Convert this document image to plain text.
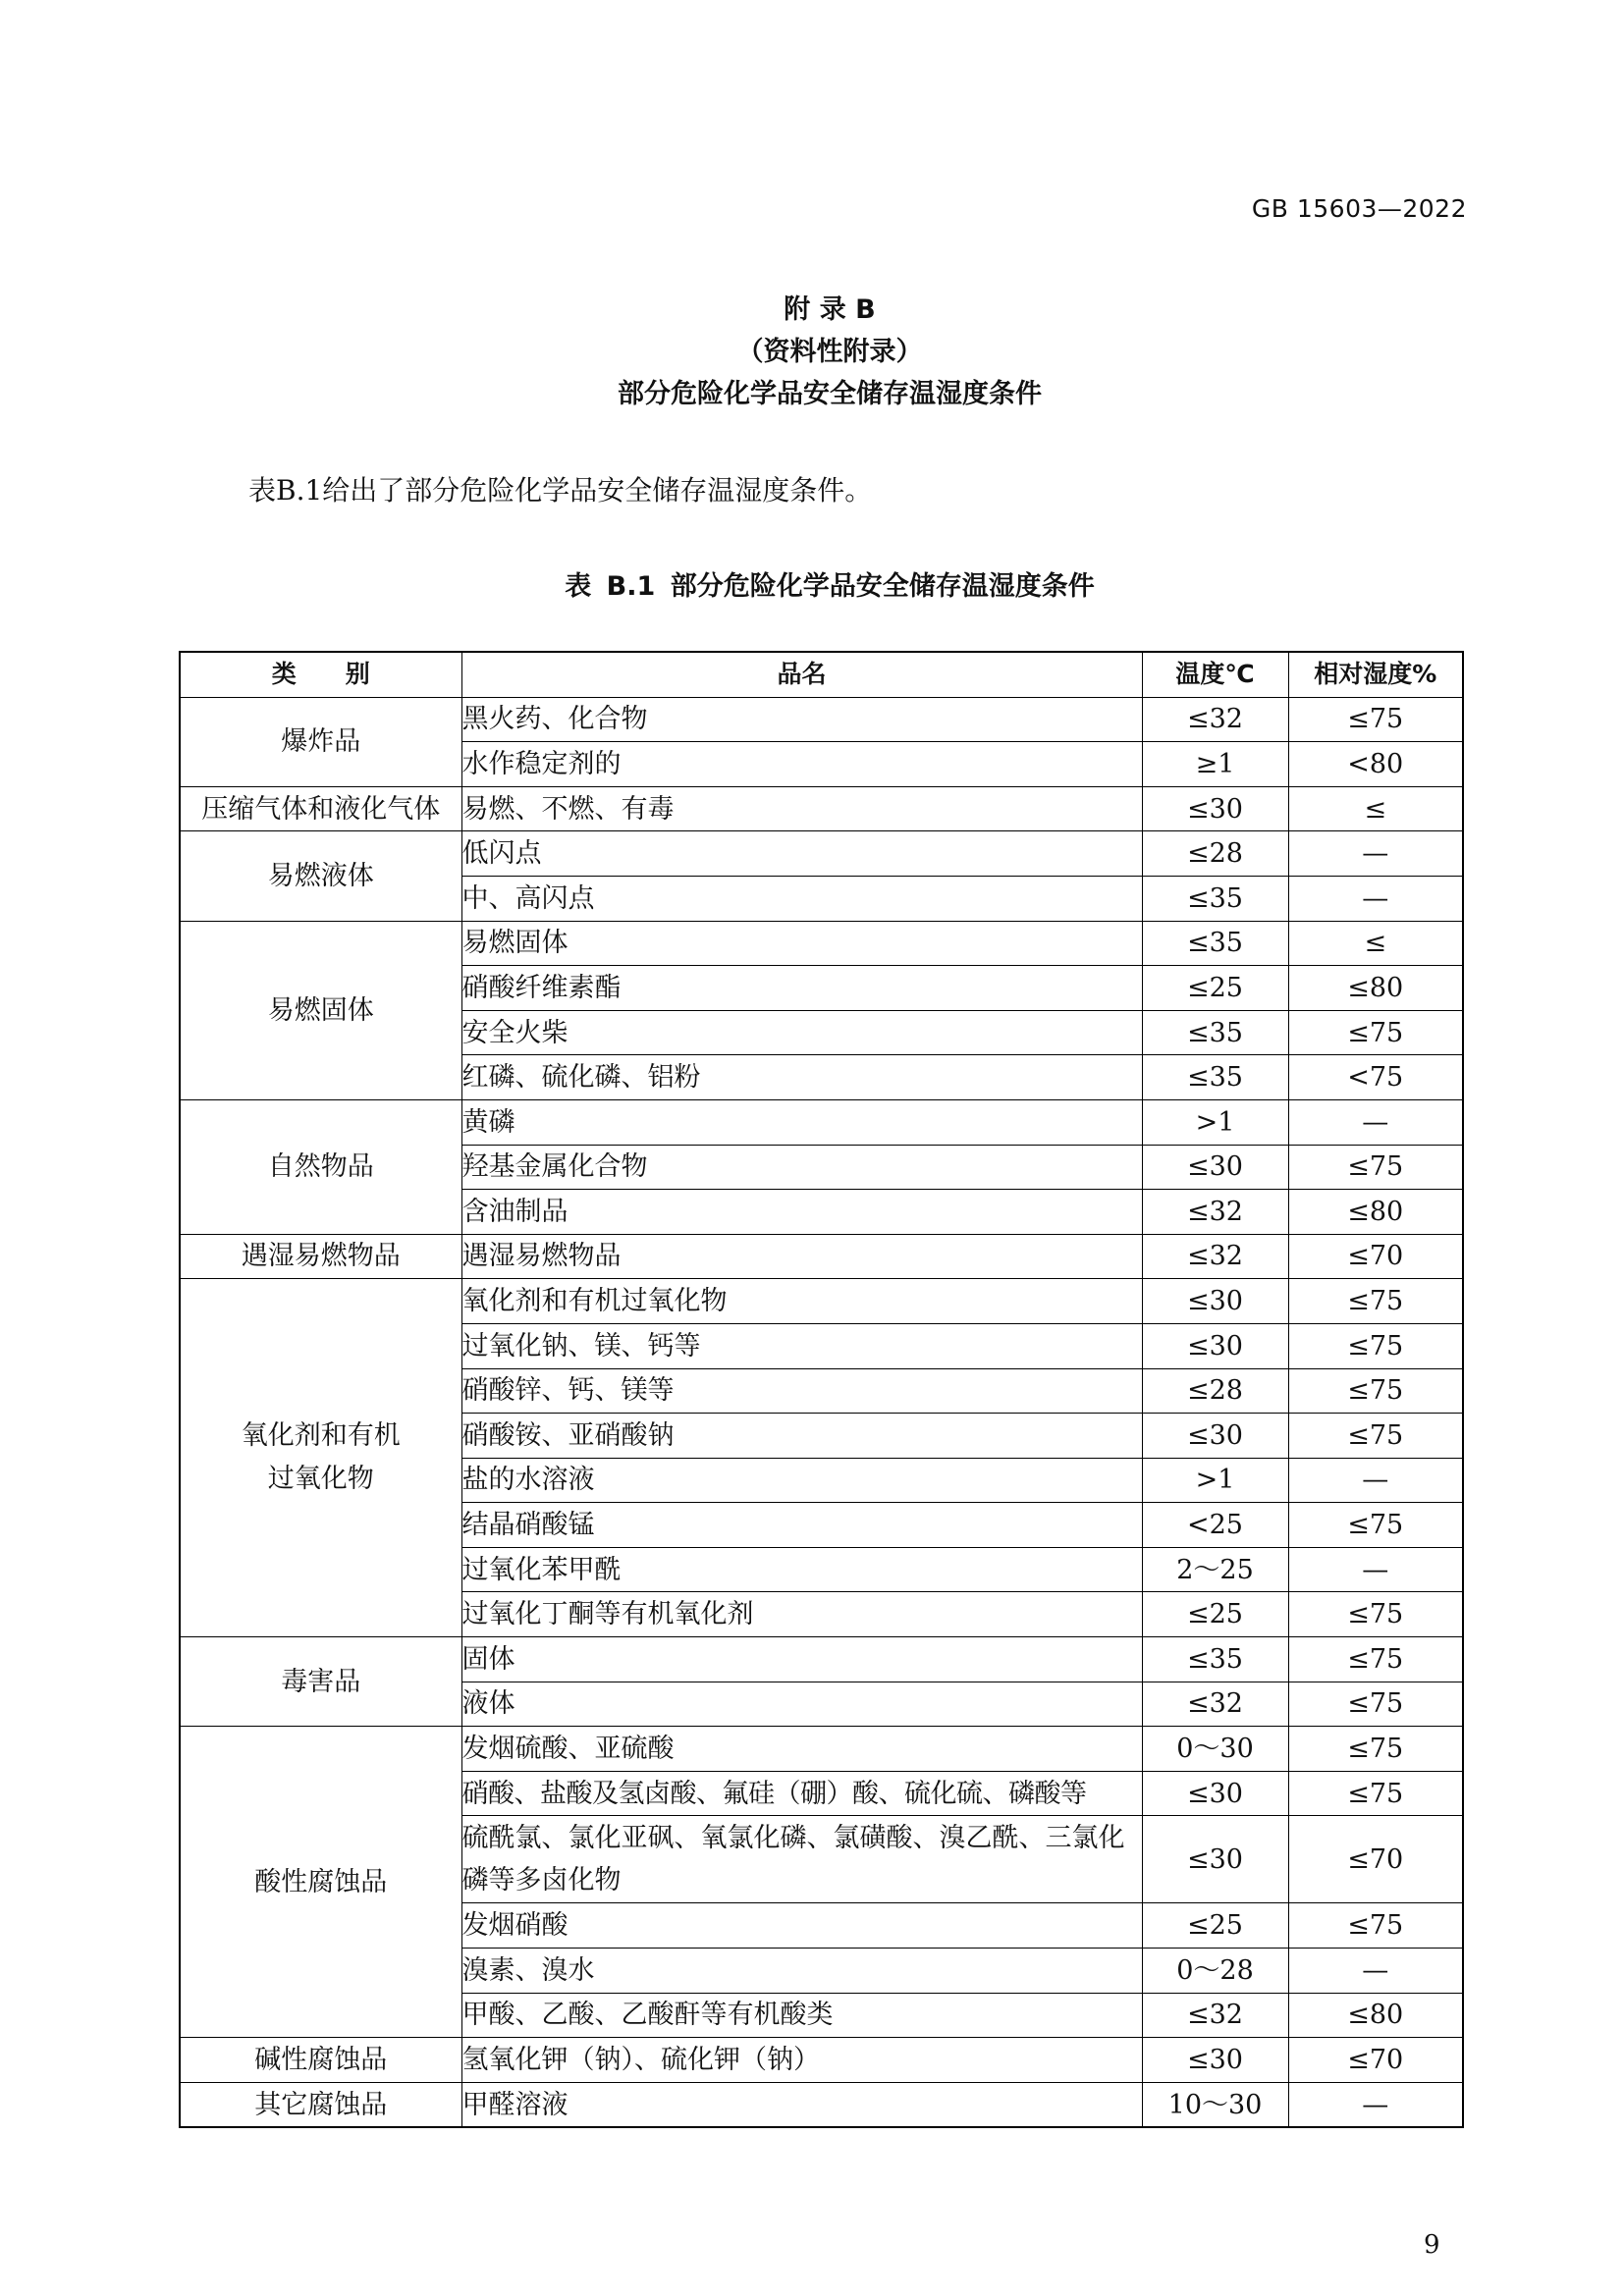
GB 15603—2022
附 录 B
（资料性附录）
部分危险化学品安全储存温湿度条件
表B.1给出了部分危险化学品安全储存温湿度条件。
表 B.1 部分危险化学品安全储存温湿度条件
类　　别	品名	温度℃	相对湿度%
爆炸品	黑火药、化合物	≤32	≤75
	水作稳定剂的	≥1	<80
压缩气体和液化气体	易燃、不燃、有毒	≤30	≤
易燃液体	低闪点	≤28	—
	中、高闪点	≤35	—
易燃固体	易燃固体	≤35	≤
	硝酸纤维素酯	≤25	≤80
	安全火柴	≤35	≤75
	红磷、硫化磷、铝粉	≤35	<75
自然物品	黄磷	>1	—
	羟基金属化合物	≤30	≤75
	含油制品	≤32	≤80
遇湿易燃物品	遇湿易燃物品	≤32	≤70
氧化剂和有机过氧化物	氧化剂和有机过氧化物	≤30	≤75
	过氧化钠、镁、钙等	≤30	≤75
	硝酸锌、钙、镁等	≤28	≤75
	硝酸铵、亚硝酸钠	≤30	≤75
	盐的水溶液	>1	—
	结晶硝酸锰	<25	≤75
	过氧化苯甲酰	2～25	—
	过氧化丁酮等有机氧化剂	≤25	≤75
毒害品	固体	≤35	≤75
	液体	≤32	≤75
酸性腐蚀品	发烟硫酸、亚硫酸	0～30	≤75
	硝酸、盐酸及氢卤酸、氟硅（硼）酸、硫化硫、磷酸等	≤30	≤75
	硫酰氯、氯化亚砜、氧氯化磷、氯磺酸、溴乙酰、三氯化磷等多卤化物	≤30	≤70
	发烟硝酸	≤25	≤75
	溴素、溴水	0～28	—
	甲酸、乙酸、乙酸酐等有机酸类	≤32	≤80
碱性腐蚀品	氢氧化钾（钠）、硫化钾（钠）	≤30	≤70
其它腐蚀品	甲醛溶液	10～30	—
9
